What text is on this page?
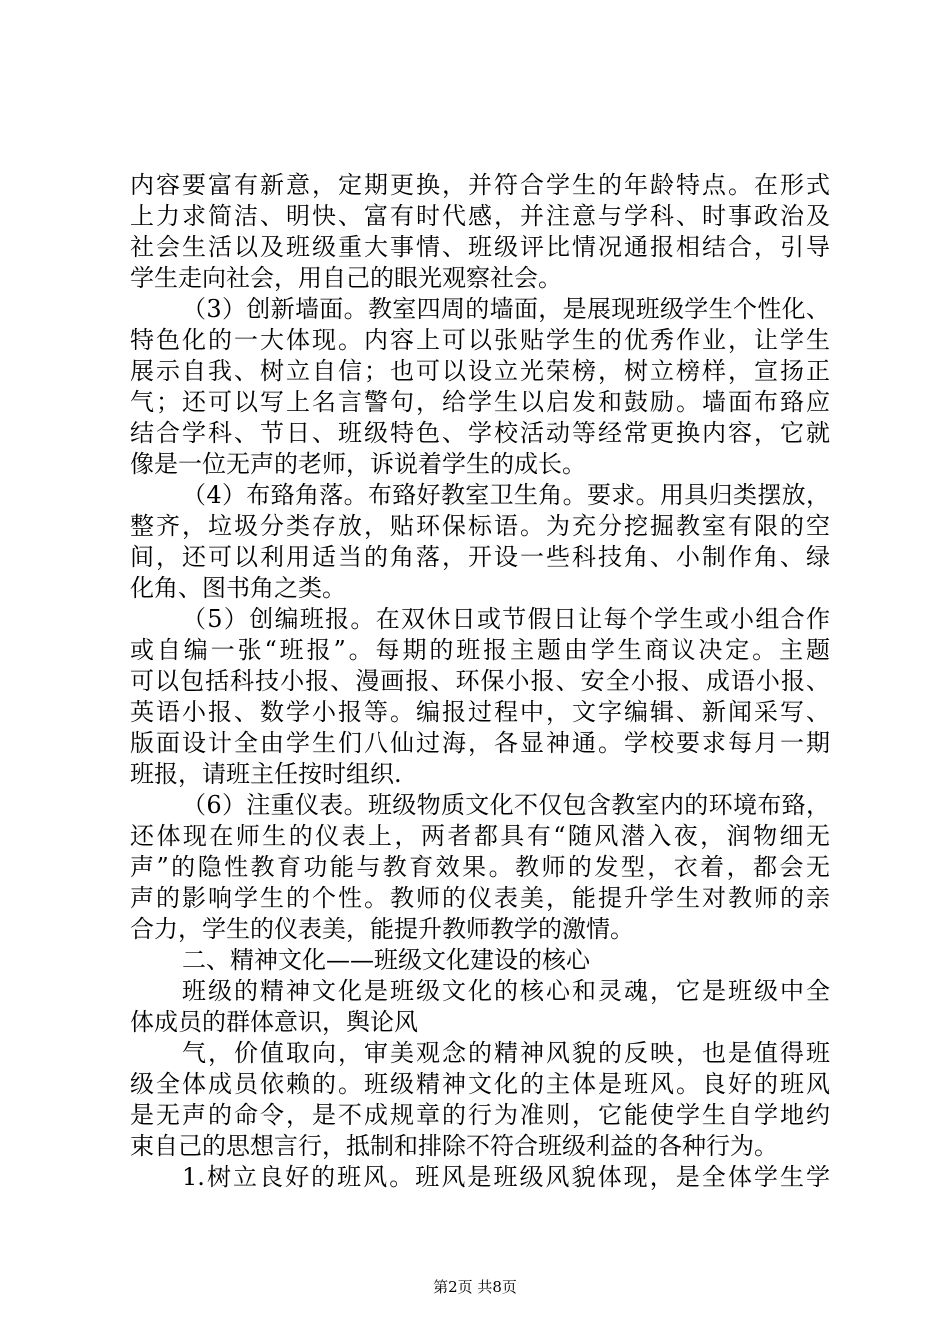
内容要富有新意，定期更换，并符合学生的年龄特点。在形式
上力求简洁、明快、富有时代感，并注意与学科、时事政治及
社会生活以及班级重大事情、班级评比情况通报相结合，引导
学生走向社会，用自己的眼光观察社会。
（3）创新墙面。教室四周的墙面，是展现班级学生个性化、
特色化的一大体现。内容上可以张贴学生的优秀作业，让学生
展示自我、树立自信；也可以设立光荣榜，树立榜样，宣扬正
气；还可以写上名言警句，给学生以启发和鼓励。墙面布臵应
结合学科、节日、班级特色、学校活动等经常更换内容，它就
像是一位无声的老师，诉说着学生的成长。
（4）布臵角落。布臵好教室卫生角。要求。用具归类摆放，
整齐，垃圾分类存放，贴环保标语。为充分挖掘教室有限的空
间，还可以利用适当的角落，开设一些科技角、小制作角、绿
化角、图书角之类。
（5）创编班报。在双休日或节假日让每个学生或小组合作
或自编一张“班报”。每期的班报主题由学生商议决定。主题
可以包括科技小报、漫画报、环保小报、安全小报、成语小报、
英语小报、数学小报等。编报过程中，文字编辑、新闻采写、
版面设计全由学生们八仙过海，各显神通。学校要求每月一期
班报，请班主任按时组织.
（6）注重仪表。班级物质文化不仅包含教室内的环境布臵，
还体现在师生的仪表上，两者都具有“随风潜入夜，润物细无
声”的隐性教育功能与教育效果。教师的发型，衣着，都会无
声的影响学生的个性。教师的仪表美，能提升学生对教师的亲
合力，学生的仪表美，能提升教师教学的激情。
二、精神文化——班级文化建设的核心
班级的精神文化是班级文化的核心和灵魂，它是班级中全
体成员的群体意识，舆论风
气，价值取向，审美观念的精神风貌的反映，也是值得班
级全体成员依赖的。班级精神文化的主体是班风。良好的班风
是无声的命令，是不成规章的行为准则，它能使学生自学地约
束自己的思想言行，抵制和排除不符合班级利益的各种行为。
1.树立良好的班风。班风是班级风貌体现，是全体学生学
第2页 共8页
